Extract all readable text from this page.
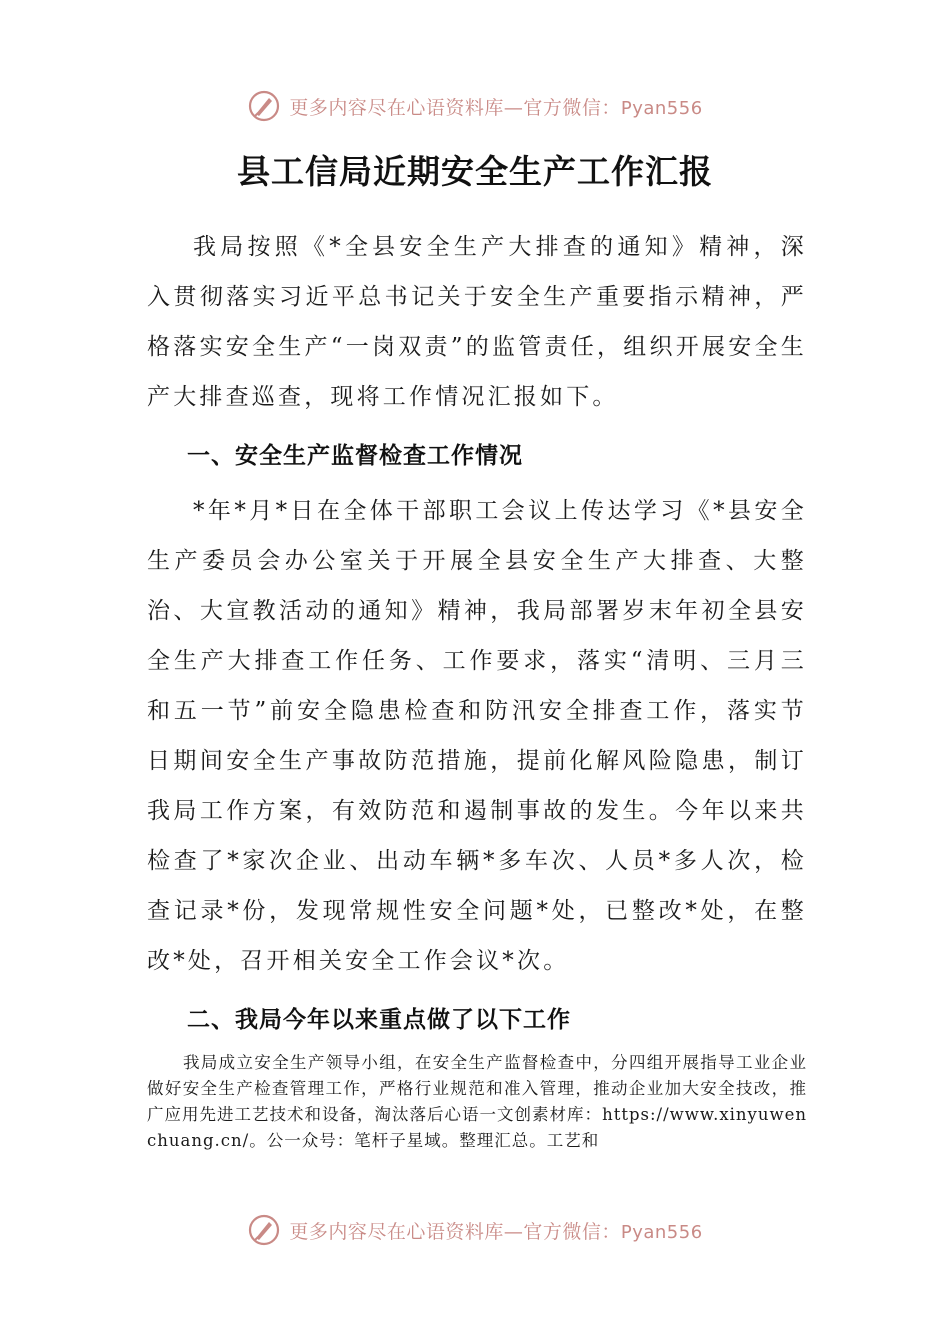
更多内容尽在心语资料库—官方微信：Pyan556
县工信局近期安全生产工作汇报

我局按照《*全县安全生产大排查的通知》精神，深入贯彻落实习近平总书记关于安全生产重要指示精神，严格落实安全生产“一岗双责”的监管责任，组织开展安全生产大排查巡查，现将工作情况汇报如下。

一、安全生产监督检查工作情况

*年*月*日在全体干部职工会议上传达学习《*县安全生产委员会办公室关于开展全县安全生产大排查、大整治、大宣教活动的通知》精神，我局部署岁末年初全县安全生产大排查工作任务、工作要求，落实“清明、三月三和五一节”前安全隐患检查和防汛安全排查工作，落实节日期间安全生产事故防范措施，提前化解风险隐患，制订我局工作方案，有效防范和遏制事故的发生。今年以来共检查了*家次企业、出动车辆*多车次、人员*多人次，检查记录*份，发现常规性安全问题*处，已整改*处，在整改*处，召开相关安全工作会议*次。

二、我局今年以来重点做了以下工作

我局成立安全生产领导小组，在安全生产监督检查中，分四组开展指导工业企业做好安全生产检查管理工作，严格行业规范和准入管理，推动企业加大安全技改，推广应用先进工艺技术和设备，淘汰落后心语一文创素材库：https://www.xinyuwenchuang.cn/。公一众号：笔杆子星域。整理汇总。工艺和

更多内容尽在心语资料库—官方微信：Pyan556
